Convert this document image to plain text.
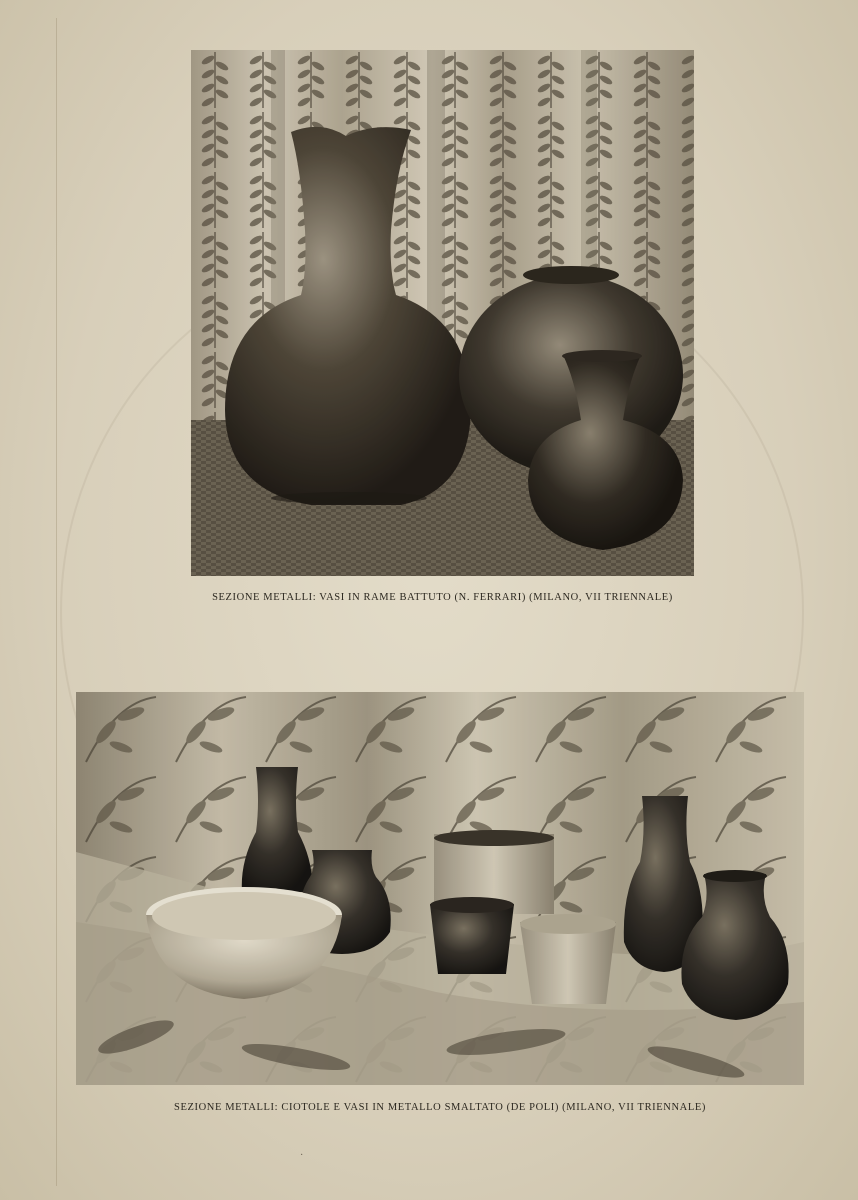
SEZIONE METALLI: VASI IN RAME BATTUTO (N. FERRARI) (MILANO, VII TRIENNALE)

SEZIONE METALLI: CIOTOLE E VASI IN METALLO SMALTATO (DE POLI) (MILANO, VII TRIENNALE)

·
